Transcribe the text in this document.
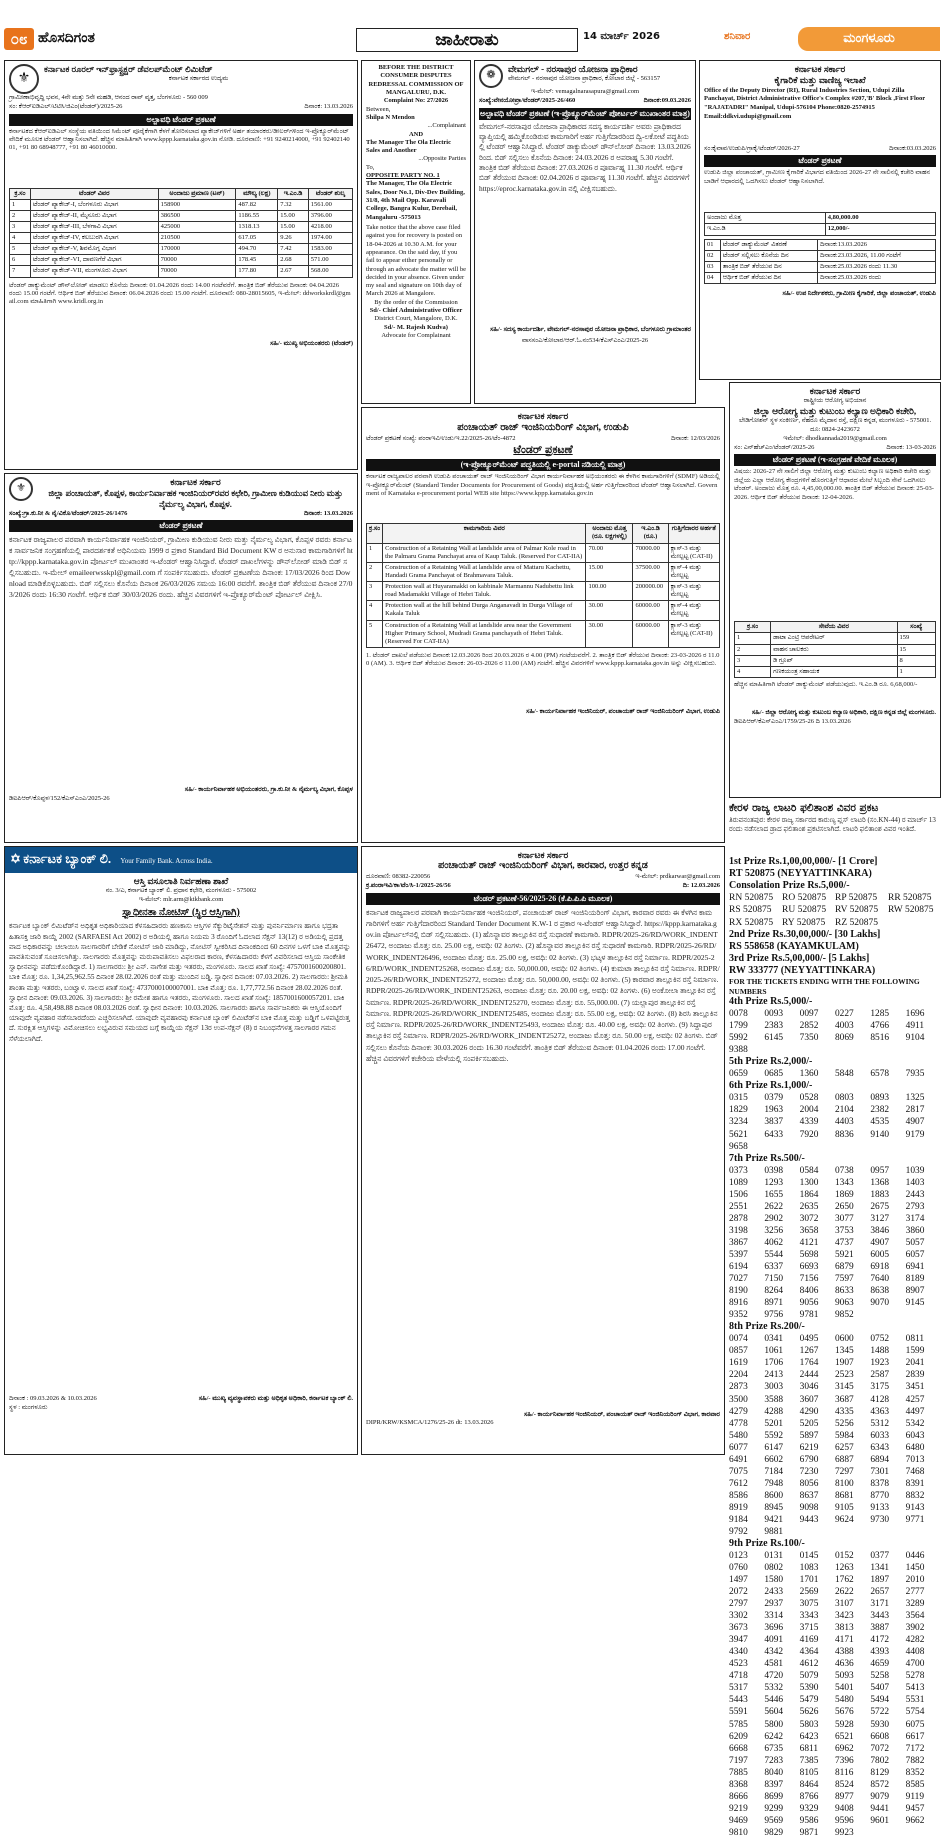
೦೮ ಹೊಸದಿಗಂತ	ಜಾಹೀರಾತು	14 ಮಾರ್ಚ್ 2026	ಶನಿವಾರ	ಮಂಗಳೂರು
⚜
ಕರ್ನಾಟಕ ರೂರಲ್ ಇನ್‌ಫ್ರಾಸ್ಟ್ರಕ್ಚರ್ ಡೆವಲಪ್‌ಮೆಂಟ್ ಲಿಮಿಟೆಡ್
ಕರ್ನಾಟಕ ಸರ್ಕಾರದ ಉದ್ಯಮ
ಗ್ರಾಮೀಣಾಭಿವೃದ್ಧಿ ಭವನ, 4ನೇ ಮತ್ತು 5ನೇ ಮಹಡಿ, ಆನಂದ ರಾವ್ ವೃತ್ತ, ಬೆಂಗಳೂರು - 560 009
ಸಂ: ಕೆಆರ್‌ಐಡಿಎಲ್/ಟಿಟಿಸಿ/ಜಿಎಂ(ಟೆಂಡರ್)/2025-26	ದಿನಾಂಕ: 13.03.2026
ಅಲ್ಪಾವಧಿ ಟೆಂಡರ್ ಪ್ರಕಟಣೆ
ಕರ್ನಾಟಕದ ಕೆಆರ್‌ಐಡಿಎಲ್ ಸಂಸ್ಥೆಯ ವತಿಯಿಂದ ಸಿಮೆಂಟ್ ಪೂರೈಕೆಗಾಗಿ ಕೆಳಗೆ ತೋರಿಸಲಾದ ಪ್ಯಾಕೇಜ್‌ಗಳಿಗೆ ಅರ್ಹ ತಯಾರಕರು/ಡೀಲರ್‌ಗಳಿಂದ ಇ-ಪ್ರೊಕ್ಯೂರ್‌ಮೆಂಟ್ ವೇದಿಕೆ ಮೂಲಕ ಟೆಂಡರ್ ಆಹ್ವಾನಿಸಲಾಗಿದೆ. ಹೆಚ್ಚಿನ ಮಾಹಿತಿಗಾಗಿ www.kppp.karnataka.gov.in ನೋಡಿ. ದೂರವಾಣಿ: +91 9240214000, +91 9240214001, +91 80 68948777, +91 80 46010000.
ಕ್ರ.ಸಂ	ಟೆಂಡರ್ ವಿವರ	ಅಂದಾಜು ಪ್ರಮಾಣ (ಟನ್)	ಮೌಲ್ಯ (ಲಕ್ಷ)	ಇ.ಎಂ.ಡಿ	ಟೆಂಡರ್ ಶುಲ್ಕ
1	ಟೆಂಡರ್ ಪ್ಯಾಕೇಜ್-I, ಬೆಂಗಳೂರು ವಿಭಾಗ	158900	487.82	7.32	1561.00
2	ಟೆಂಡರ್ ಪ್ಯಾಕೇಜ್-II, ಮೈಸೂರು ವಿಭಾಗ	386500	1186.55	15.00	3796.00
3	ಟೆಂಡರ್ ಪ್ಯಾಕೇಜ್-III, ಬೆಳಗಾವಿ ವಿಭಾಗ	425000	1318.13	15.00	4218.00
4	ಟೆಂಡರ್ ಪ್ಯಾಕೇಜ್-IV, ಕಲಬುರಗಿ ವಿಭಾಗ	210500	617.05	9.26	1974.00
5	ಟೆಂಡರ್ ಪ್ಯಾಕೇಜ್-V, ಶಿವಮೊಗ್ಗ ವಿಭಾಗ	170000	494.70	7.42	1583.00
6	ಟೆಂಡರ್ ಪ್ಯಾಕೇಜ್-VI, ದಾವಣಗೆರೆ ವಿಭಾಗ	70000	178.45	2.68	571.00
7	ಟೆಂಡರ್ ಪ್ಯಾಕೇಜ್-VII, ಮಂಗಳೂರು ವಿಭಾಗ	70000	177.80	2.67	568.00
ಟೆಂಡರ್ ಡಾಕ್ಯುಮೆಂಟ್ ಡೌನ್‌ಲೋಡ್ ಮಾಡಲು ಕೊನೆಯ ದಿನಾಂಕ: 01.04.2026 ರಂದು 14.00 ಗಂಟೆವರೆಗೆ. ತಾಂತ್ರಿಕ ಬಿಡ್ ತೆರೆಯುವ ದಿನಾಂಕ: 04.04.2026 ರಂದು 15.00 ಗಂಟೆಗೆ. ಆರ್ಥಿಕ ಬಿಡ್ ತೆರೆಯುವ ದಿನಾಂಕ: 06.04.2026 ರಂದು 15.00 ಗಂಟೆಗೆ. ದೂರವಾಣಿ: 080-28015605, ಇ-ಮೇಲ್: ddworkskrdl@gmail.com ಮಾಹಿತಿಗಾಗಿ www.kridl.org.in
ಸಹಿ/- ಮುಖ್ಯ ಅಭಿಯಂತರರು (ಟೆಂಡರ್)
BEFORE THE DISTRICT CONSUMER DISPUTES REDRESSAL COMMISSION OF MANGALURU, D.K.
Complaint No: 27/2026
Between,
Shilpa N Mendon
...Complainant
AND
The Manager The Ola Electric Sales and Another
...Opposite Parties
To,
OPPOSITE PARTY NO. 1
The Manager, The Ola Electric Sales, Door No.1, Div-Dev Building, 31/8, 4th Mail Opp. Karavali College, Bangra Kulur, Derebail, Mangaluru -575013
Take notice that the above case filed against you for recovery is posted on 18-04-2026 at 10.30 A.M. for your appearance. On the said day, if you fail to appear either personally or through an advocate the matter will be decided in your absence. Given under my seal and signature on 10th day of March 2026 at Mangalore.
By the order of the Commission
Sd/- Chief Administrative Officer
District Court, Mangalore, D.K.
Sd/- M. Rajesh Kudva)
Advocate for Complainant
❁
ವೇಮಗಲ್ - ನರಸಾಪುರ ಯೋಜನಾ ಪ್ರಾಧಿಕಾರ
ವೇಮಗಲ್ - ನರಸಾಪುರ ಯೋಜನಾ ಪ್ರಾಧಿಕಾರ, ಕೋಲಾರ ಜಿಲ್ಲೆ - 563157
ಇ-ಮೇಲ್: vemagalnarasapura@gmail.com
ಸಂಖ್ಯೆ:ವೇನಯೋಪ್ರಾ/ಟೆಂಡರ್/2025-26/460	ದಿನಾಂಕ:09.03.2026
ಅಲ್ಪಾವಧಿ ಟೆಂಡರ್ ಪ್ರಕಟಣೆ (ಇ-ಪ್ರೊಕ್ಯೂರ್‌ಮೆಂಟ್ ಪೋರ್ಟಲ್ ಮುಖಾಂತರ ಮಾತ್ರ)
ವೇಮಗಲ್-ನರಸಾಪುರ ಯೋಜನಾ ಪ್ರಾಧಿಕಾರದ ಸದಸ್ಯ ಕಾರ್ಯದರ್ಶಿ ಅವರು ಪ್ರಾಧಿಕಾರದ ವ್ಯಾಪ್ತಿಯಲ್ಲಿ ಹಮ್ಮಿಕೊಂಡಿರುವ ಕಾಮಗಾರಿಗೆ ಅರ್ಹ ಗುತ್ತಿಗೆದಾರರಿಂದ ದ್ವಿ-ಲಕೋಟೆ ಪದ್ಧತಿಯಲ್ಲಿ ಟೆಂಡರ್ ಆಹ್ವಾನಿಸಿದ್ದಾರೆ. ಟೆಂಡರ್ ಡಾಕ್ಯುಮೆಂಟ್ ಡೌನ್‌ಲೋಡ್ ದಿನಾಂಕ: 13.03.2026 ರಿಂದ. ಬಿಡ್ ಸಲ್ಲಿಸಲು ಕೊನೆಯ ದಿನಾಂಕ: 24.03.2026 ರ ಅಪರಾಹ್ನ 5.30 ಗಂಟೆಗೆ. ತಾಂತ್ರಿಕ ಬಿಡ್ ತೆರೆಯುವ ದಿನಾಂಕ: 27.03.2026 ರ ಪೂರ್ವಾಹ್ನ 11.30 ಗಂಟೆಗೆ. ಆರ್ಥಿಕ ಬಿಡ್ ತೆರೆಯುವ ದಿನಾಂಕ: 02.04.2026 ರ ಪೂರ್ವಾಹ್ನ 11.30 ಗಂಟೆಗೆ. ಹೆಚ್ಚಿನ ವಿವರಗಳಿಗೆ https://eproc.karnataka.gov.in ನಲ್ಲಿ ವೀಕ್ಷಿಸಬಹುದು.
ಸಹಿ/- ಸದಸ್ಯ ಕಾರ್ಯದರ್ಶಿ, ವೇಮಗಲ್-ನರಸಾಪುರ ಯೋಜನಾ ಪ್ರಾಧಿಕಾರ, ಬೆಂಗಳೂರು ಗ್ರಾಮಾಂತರ
ವಾಸಸಂಎ/ಕೋಲಾರ/ಆರ್.ಓ.ನಂ534/ಕೆಎಸ್ಎಂಎ/2025-26
ಕರ್ನಾಟಕ ಸರ್ಕಾರ
ಕೈಗಾರಿಕೆ ಮತ್ತು ವಾಣಿಜ್ಯ ಇಲಾಖೆ
Office of the Deputy Director (RI), Rural Industries Section, Udupi Zilla Panchayat, District Administrative Office's Complex #207,'B' Block ,First Floor "RAJATADRI" Manipal, Udupi-576104 Phone:0820-2574915 Email:ddkvi.udupi@gmail.com
ಸಂ:ಕೈವಾವ/ಉಡುಪಿ/ಗ್ರಾಕೈ/ಟೆಂಡರ್/2026-27	ದಿನಾಂಕ:03.03.2026
ಟೆಂಡರ್ ಪ್ರಕಟಣೆ
ಉಡುಪಿ ಜಿಲ್ಲಾ ಪಂಚಾಯತ್, ಗ್ರಾಮೀಣ ಕೈಗಾರಿಕೆ ವಿಭಾಗದ ವತಿಯಿಂದ 2026-27 ನೇ ಸಾಲಿನಲ್ಲಿ ಕಚೇರಿ ವಾಹನ ಬಾಡಿಗೆ ಆಧಾರದಲ್ಲಿ ಒದಗಿಸಲು ಟೆಂಡರ್ ಆಹ್ವಾನಿಸಲಾಗಿದೆ.
ಅಂದಾಜು ಮೊತ್ತ	4,80,000.00
ಇ.ಎಂ.ಡಿ	12,000/-
01	ಟೆಂಡರ್ ಡಾಕ್ಯುಮೆಂಟ್ ವಿತರಣೆ	ದಿನಾಂಕ:13.03.2026
02	ಟೆಂಡರ್ ಸಲ್ಲಿಸಲು ಕೊನೆಯ ದಿನ	ದಿನಾಂಕ:23.03.2026, 11.00 ಗಂಟೆಗೆ
03	ತಾಂತ್ರಿಕ ಬಿಡ್ ತೆರೆಯುವ ದಿನ	ದಿನಾಂಕ:25.03.2026 ರಂದು 11.30
04	ಆರ್ಥಿಕ ಬಿಡ್ ತೆರೆಯುವ ದಿನ	ದಿನಾಂಕ:25.03.2026 ರಂದು
ಸಹಿ/- ಉಪ ನಿರ್ದೇಶಕರು, ಗ್ರಾಮೀಣ ಕೈಗಾರಿಕೆ, ಜಿಲ್ಲಾ ಪಂಚಾಯತ್, ಉಡುಪಿ
ಕರ್ನಾಟಕ ಸರ್ಕಾರ
ರಾಷ್ಟ್ರೀಯ ಆರೋಗ್ಯ ಅಭಿಯಾನ
ಜಿಲ್ಲಾ ಆರೋಗ್ಯ ಮತ್ತು ಕುಟುಂಬ ಕಲ್ಯಾಣ ಅಧಿಕಾರಿ ಕಚೇರಿ,
ಲೇಡಿಗೋಶನ್ ಸ್ಥಳ ಸಂಕೀರ್ಣ, ನೆಹರೂ ಮೈದಾನ ರಸ್ತೆ, ದಕ್ಷಿಣ ಕನ್ನಡ, ಮಂಗಳೂರು - 575001. ದೂ: 0824-2423672
ಇಮೇಲ್: dhodkannada2019@gmail.com
ಸಂ: ಎನ್‌ಹೆಚ್ಎಂ/ಟೆಂಡರ್/2025-26	ದಿನಾಂಕ: 13-03-2026
ಟೆಂಡರ್ ಪ್ರಕಟಣೆ (ಇ-ಸಂಗ್ರಹಣೆ ವೇದಿಕೆ ಮೂಲಕ)
ವಿಷಯ: 2026-27 ನೇ ಸಾಲಿಗೆ ಜಿಲ್ಲಾ ಆರೋಗ್ಯ ಮತ್ತು ಕುಟುಂಬ ಕಲ್ಯಾಣ ಅಧಿಕಾರಿ ಕಚೇರಿ ಮತ್ತು ಜಿಲ್ಲೆಯ ಎಲ್ಲಾ ಆರೋಗ್ಯ ಕೇಂದ್ರಗಳಿಗೆ ಹೊರಗುತ್ತಿಗೆ ಆಧಾರದ ಮೇಲೆ ಸಿಬ್ಬಂದಿ ಸೇವೆ ಒದಗಿಸಲು ಟೆಂಡರ್. ಅಂದಾಜು ಮೊತ್ತ ರೂ. 4,45,00,000.00. ತಾಂತ್ರಿಕ ಬಿಡ್ ತೆರೆಯುವ ದಿನಾಂಕ: 25-03-2026. ಆರ್ಥಿಕ ಬಿಡ್ ತೆರೆಯುವ ದಿನಾಂಕ: 12-04-2026.
ಕ್ರ.ಸಂ	ಸೇವೆಯ ವಿವರ	ಸಂಖ್ಯೆ
1	ಡಾಟಾ ಎಂಟ್ರಿ ಆಪರೇಟರ್	159
2	ವಾಹನ ಚಾಲಕರು	15
3	ಡಿ ಗ್ರೂಪ್	8
4	ಗಣಕಯಂತ್ರ ಸಹಾಯಕ	1
ಹೆಚ್ಚಿನ ಮಾಹಿತಿಗಾಗಿ ಟೆಂಡರ್ ಡಾಕ್ಯುಮೆಂಟ್ ಪಡೆಯುವುದು. ಇ.ಎಂ.ಡಿ ರೂ. 6,68,000/-
ಸಹಿ/- ಜಿಲ್ಲಾ ಆರೋಗ್ಯ ಮತ್ತು ಕುಟುಂಬ ಕಲ್ಯಾಣ ಅಧಿಕಾರಿ, ದಕ್ಷಿಣ ಕನ್ನಡ ಜಿಲ್ಲೆ ಮಂಗಳೂರು.
ಡಿಐಪಿಆರ್/ಕೆಎಸ್ಎಂಎ/1759/25-26 ದಿ 13.03.2026
⚜
ಕರ್ನಾಟಕ ಸರ್ಕಾರ
ಜಿಲ್ಲಾ ಪಂಚಾಯತ್, ಕೊಪ್ಪಳ, ಕಾರ್ಯನಿರ್ವಾಹಕ ಇಂಜಿನಿಯರ್‌ರವರ ಕಛೇರಿ, ಗ್ರಾಮೀಣ ಕುಡಿಯುವ ನೀರು ಮತ್ತು ನೈರ್ಮಲ್ಯ ವಿಭಾಗ, ಕೊಪ್ಪಳ.
ಸಂಖ್ಯೆ:ಗ್ರಾ.ಕು.ನೀ & ನೈ/ವಿಕೊ/ಟೆಂಡರ್/2025-26/1476	ದಿನಾಂಕ: 13.03.2026
ಟೆಂಡರ್ ಪ್ರಕಟಣೆ
ಕರ್ನಾಟಕ ರಾಜ್ಯಪಾಲರ ಪರವಾಗಿ ಕಾರ್ಯನಿರ್ವಾಹಕ ಇಂಜಿನಿಯರ್, ಗ್ರಾಮೀಣ ಕುಡಿಯುವ ನೀರು ಮತ್ತು ನೈರ್ಮಲ್ಯ ವಿಭಾಗ, ಕೊಪ್ಪಳ ರವರು ಕರ್ನಾಟಕ ಸಾರ್ವಜನಿಕ ಸಂಗ್ರಹಣೆಯಲ್ಲಿ ಪಾರದರ್ಶಕತೆ ಅಧಿನಿಯಮ 1999 ರ ಪ್ರಕಾರ Standard Bid Document KW ರ ಅನುಸಾರ ಕಾಮಗಾರಿಗಳಿಗೆ http://kppp.karnataka.gov.in ಪೋರ್ಟಲ್ ಮುಖಾಂತರ ಇ-ಟೆಂಡರ್ ಆಹ್ವಾನಿಸಿದ್ದಾರೆ. ಟೆಂಡರ್ ದಾಖಲೆಗಳನ್ನು ಡೌನ್‌ಲೋಡ್ ಮಾಡಿ ಬಿಡ್ ಸಲ್ಲಿಸಬಹುದು. ಇ-ಮೇಲ್ emaileerwsskpl@gmail.com ಗೆ ಸಂಪರ್ಕಿಸಬಹುದು. ಟೆಂಡರ್ ಪ್ರಕಟಣೆಯ ದಿನಾಂಕ: 17/03/2026 ರಿಂದ Download ಮಾಡಿಕೊಳ್ಳಬಹುದು. ಬಿಡ್ ಸಲ್ಲಿಸಲು ಕೊನೆಯ ದಿನಾಂಕ 26/03/2026 ಸಮಯ 16:00 ರವರೆಗೆ. ತಾಂತ್ರಿಕ ಬಿಡ್ ತೆರೆಯುವ ದಿನಾಂಕ 27/03/2026 ರಂದು 16:30 ಗಂಟೆಗೆ. ಆರ್ಥಿಕ ಬಿಡ್ 30/03/2026 ರಂದು. ಹೆಚ್ಚಿನ ವಿವರಗಳಿಗೆ ಇ-ಪ್ರೊಕ್ಯೂರ್‌ಮೆಂಟ್ ಪೋರ್ಟಲ್ ವೀಕ್ಷಿಸಿ.
ಸಹಿ/- ಕಾರ್ಯನಿರ್ವಾಹಕ ಅಭಿಯಂತರರು, ಗ್ರಾ.ಕು.ನೀ & ನೈರ್ಮಲ್ಯ ವಿಭಾಗ, ಕೊಪ್ಪಳ
ಡಿಐಪಿಆರ್/ಕೊಪ್ಪಳ/152/ಕೆಎಸ್ಎಂಎ/2025-26
ಕರ್ನಾಟಕ ಸರ್ಕಾರ
ಪಂಚಾಯತ್ ರಾಜ್ ಇಂಜಿನಿಯರಿಂಗ್ ವಿಭಾಗ, ಉಡುಪಿ
ಟೆಂಡರ್ ಪ್ರಕಟಣೆ ಸಂಖ್ಯೆ: ಪಂರಾಇವಿ/ಉಡು/ಇ.22/2025-26/ಟೆಂ-4872	ದಿನಾಂಕ: 12/03/2026
ಟೆಂಡರ್ ಪ್ರಕಟಣೆ
(ಇ-ಪ್ರೋಕ್ಯೂರ್‌ಮೆಂಟ್ ಪದ್ಧತಿಯಲ್ಲಿ e-portal ನಡಿಯಲ್ಲಿ ಮಾತ್ರ)
ಕರ್ನಾಟಕ ರಾಜ್ಯಪಾಲರ ಪರವಾಗಿ ಉಡುಪಿ ಪಂಚಾಯತ್ ರಾಜ್ ಇಂಜಿನಿಯರಿಂಗ್ ವಿಭಾಗ ಕಾರ್ಯನಿರ್ವಾಹಕ ಅಭಿಯಂತರರು ಈ ಕೆಳಗಿನ ಕಾಮಗಾರಿಗಳಿಗೆ (SDMF) ಅಡಿಯಲ್ಲಿ ಇ-ಪ್ರೋಕ್ಯೂರ್‌ಮೆಂಟ್ (Standard Tender Documents for Procurement of Goods) ಪದ್ಧತಿಯಲ್ಲಿ ಅರ್ಹ ಗುತ್ತಿಗೆದಾರರಿಂದ ಟೆಂಡರ್ ಆಹ್ವಾನಿಸಲಾಗಿದೆ. Government of Karnataka e-procurement portal WEB site https://www.kppp.karnataka.gov.in
ಕ್ರ.ಸಂ	ಕಾಮಗಾರಿಯ ವಿವರ	ಅಂದಾಜು ಮೊತ್ತ (ರೂ. ಲಕ್ಷಗಳಲ್ಲಿ)	ಇ.ಎಂ.ಡಿ (ರೂ.)	ಗುತ್ತಿಗೆದಾರರ ಅರ್ಹತೆ
1	Construction of a Retaining Wall at landslide area of Palmar Kole road in the Palmaru Grama Panchayat area of Kaup Taluk. (Reserved For CAT-IIA)	70.00	70000.00	ಕ್ಲಾಸ್-3 ಮತ್ತು ಮೇಲ್ಪಟ್ಟ (CAT-II)
2	Construction of a Retaining Wall at landslide area of Mattaru Kachettu, Handadi Grama Panchayat of Brahmavara Taluk.	15.00	37500.00	ಕ್ಲಾಸ್-4 ಮತ್ತು ಮೇಲ್ಪಟ್ಟ
3	Protection wall at Huyaramakki on kabbinale Marmannu Nadubettu link road Madamakki Village of Hebri Taluk.	100.00	200000.00	ಕ್ಲಾಸ್-3 ಮತ್ತು ಮೇಲ್ಪಟ್ಟ
4	Protection wall at the hill behind Durga Anganavadi in Durga Village of Kakala Taluk	30.00	60000.00	ಕ್ಲಾಸ್-4 ಮತ್ತು ಮೇಲ್ಪಟ್ಟ
5	Construction of a Retaining Wall at landslide area near the Government Higher Primary School, Mudradi Grama panchayath of Hebri Taluk. (Reserved For CAT-IIA)	30.00	60000.00	ಕ್ಲಾಸ್-3 ಮತ್ತು ಮೇಲ್ಪಟ್ಟ (CAT-II)
1. ಟೆಂಡರ್ ದಾಖಲೆ ಪಡೆಯುವ ದಿನಾಂಕ:12.03.2026 ರಿಂದ 20.03.2026 ರ 4.00 (PM) ಗಂಟೆಯವರೆಗೆ. 2. ತಾಂತ್ರಿಕ ಬಿಡ್ ತೆರೆಯುವ ದಿನಾಂಕ: 23-03-2026 ರ 11.00 (AM). 3. ಆರ್ಥಿಕ ಬಿಡ್ ತೆರೆಯುವ ದಿನಾಂಕ: 26-03-2026 ರ 11.00 (AM) ಗಂಟೆಗೆ. ಹೆಚ್ಚಿನ ವಿವರಗಳಿಗೆ www.kppp.karnataka.gov.in ಅನ್ನು ವೀಕ್ಷಿಸಬಹುದು.
ಸಹಿ/- ಕಾರ್ಯನಿರ್ವಾಹಕ ಇಂಜಿನಿಯರ್, ಪಂಚಾಯತ್ ರಾಜ್ ಇಂಜಿನಿಯರಿಂಗ್ ವಿಭಾಗ, ಉಡುಪಿ
✡ ಕರ್ನಾಟಕ ಬ್ಯಾಂಕ್ ಲಿ. Your Family Bank. Across India.
ಆಸ್ತಿ ವಸೂಲಾತಿ ನಿರ್ವಹಣಾ ಶಾಖೆ
ನಂ. 3/ಎ, ಕರ್ನಾಟಕ ಬ್ಯಾಂಕ್ ಲಿ. ಪ್ರಧಾನ ಕಛೇರಿ, ಮಂಗಳೂರು - 575002
ಇ-ಮೇಲ್: mlr.arm@ktkbank.com
ಸ್ವಾಧೀನತಾ ನೋಟಿಸ್ (ಸ್ಥಿರ ಆಸ್ತಿಗಾಗಿ)
ಕರ್ನಾಟಕ ಬ್ಯಾಂಕ್ ಲಿಮಿಟೆಡ್‌ನ ಅಧಿಕೃತ ಅಧಿಕಾರಿಯಾದ ಕೆಳಸಹಿದಾರರು ಹಣಕಾಸು ಆಸ್ತಿಗಳ ಸೆಕ್ಯುರಿಟೈಸೇಶನ್ ಮತ್ತು ಪುನರ್ನಿರ್ಮಾಣ ಹಾಗೂ ಭದ್ರತಾ ಹಿತಾಸಕ್ತಿ ಜಾರಿ ಕಾಯ್ದೆ 2002 (SARFAESI Act 2002) ರ ಅಡಿಯಲ್ಲಿ ಹಾಗೂ ನಿಯಮ 3 ರೊಂದಿಗೆ ಓದಲಾದ ಸೆಕ್ಷನ್ 13(12) ರ ಅಡಿಯಲ್ಲಿ ಪ್ರದತ್ತವಾದ ಅಧಿಕಾರವನ್ನು ಚಲಾಯಿಸಿ ಸಾಲಗಾರರಿಗೆ ಬೇಡಿಕೆ ನೋಟಿಸ್ ಜಾರಿ ಮಾಡಿದ್ದು, ನೋಟಿಸ್ ಸ್ವೀಕರಿಸಿದ ದಿನಾಂಕದಿಂದ 60 ದಿನಗಳ ಒಳಗೆ ಬಾಕಿ ಮೊತ್ತವನ್ನು ಪಾವತಿಸುವಂತೆ ಸೂಚಿಸಲಾಗಿತ್ತು. ಸಾಲಗಾರರು ಮೊತ್ತವನ್ನು ಮರುಪಾವತಿಸಲು ವಿಫಲರಾದ ಕಾರಣ, ಕೆಳಸಹಿದಾರರು ಕೆಳಗೆ ವಿವರಿಸಲಾದ ಆಸ್ತಿಯ ಸಾಂಕೇತಿಕ ಸ್ವಾಧೀನವನ್ನು ಪಡೆದುಕೊಂಡಿದ್ದಾರೆ. 1) ಸಾಲಗಾರರು: ಶ್ರೀ ಎನ್. ನಾಗೇಶ ಮತ್ತು ಇತರರು, ಮಂಗಳೂರು. ಸಾಲದ ಖಾತೆ ಸಂಖ್ಯೆ: 4757001600200801. ಬಾಕಿ ಮೊತ್ತ: ರೂ. 1,34,25,962.55 ದಿನಾಂಕ 28.02.2026 ರಂತೆ ಮತ್ತು ಮುಂದಿನ ಬಡ್ಡಿ. ಸ್ವಾಧೀನ ದಿನಾಂಕ: 07.03.2026. 2) ಸಾಲಗಾರರು: ಶ್ರೀಮತಿ ಶಾಂತಾ ಮತ್ತು ಇತರರು, ಬಂಟ್ವಾಳ. ಸಾಲದ ಖಾತೆ ಸಂಖ್ಯೆ: 4737000100007001. ಬಾಕಿ ಮೊತ್ತ: ರೂ. 1,77,772.56 ದಿನಾಂಕ 28.02.2026 ರಂತೆ. ಸ್ವಾಧೀನ ದಿನಾಂಕ: 09.03.2026. 3) ಸಾಲಗಾರರು: ಶ್ರೀ ರಮೇಶ ಹಾಗೂ ಇತರರು, ಮಂಗಳೂರು. ಸಾಲದ ಖಾತೆ ಸಂಖ್ಯೆ: 1857001600057201. ಬಾಕಿ ಮೊತ್ತ: ರೂ. 4,58,498.88 ದಿನಾಂಕ 08.03.2026 ರಂತೆ. ಸ್ವಾಧೀನ ದಿನಾಂಕ: 10.03.2026. ಸಾಲಗಾರರು ಹಾಗೂ ಸಾರ್ವಜನಿಕರು ಈ ಆಸ್ತಿಯೊಂದಿಗೆ ಯಾವುದೇ ವ್ಯವಹಾರ ನಡೆಸಬಾರದೆಂದು ಎಚ್ಚರಿಸಲಾಗಿದೆ. ಯಾವುದೇ ವ್ಯವಹಾರವು ಕರ್ನಾಟಕ ಬ್ಯಾಂಕ್ ಲಿಮಿಟೆಡ್‌ನ ಬಾಕಿ ಮೊತ್ತ ಮತ್ತು ಬಡ್ಡಿಗೆ ಒಳಪಟ್ಟಿರುತ್ತದೆ. ಸುರಕ್ಷಿತ ಆಸ್ತಿಗಳನ್ನು ವಿಮೋಚಿಸಲು ಲಭ್ಯವಿರುವ ಸಮಯದ ಬಗ್ಗೆ ಕಾಯ್ದೆಯ ಸೆಕ್ಷನ್ 13ರ ಉಪ-ಸೆಕ್ಷನ್ (8) ರ ನಿಬಂಧನೆಗಳತ್ತ ಸಾಲಗಾರರ ಗಮನ ಸೆಳೆಯಲಾಗಿದೆ.
ದಿನಾಂಕ : 09.03.2026 & 10.03.2026
ಸ್ಥಳ : ಮಂಗಳೂರು
ಸಹಿ/- ಮುಖ್ಯ ವ್ಯವಸ್ಥಾಪಕರು ಮತ್ತು ಅಧಿಕೃತ ಅಧಿಕಾರಿ, ಕರ್ನಾಟಕ ಬ್ಯಾಂಕ್ ಲಿ.
ಕರ್ನಾಟಕ ಸರ್ಕಾರ
ಪಂಚಾಯತ್ ರಾಜ್ ಇಂಜಿನಿಯರಿಂಗ್ ವಿಭಾಗ, ಕಾರವಾರ, ಉತ್ತರ ಕನ್ನಡ
ದೂರವಾಣಿ: 08382-220056	ಇ-ಮೇಲ್: prdkarwar@gmail.com
ಕ್ರ.ಪಂರಾಇವಿ/ಕಾ/ಟೆಂ/ಸಿ-1/2025-26/56	ದಿ: 12.03.2026
ಟೆಂಡರ್ ಪ್ರಕಟಣೆ-56/2025-26 (ಕೆ.ಪಿ.ಪಿ.ಪಿ ಮೂಲಕ)
ಕರ್ನಾಟಕ ರಾಜ್ಯಪಾಲರ ಪರವಾಗಿ ಕಾರ್ಯನಿರ್ವಾಹಕ ಇಂಜಿನಿಯರ್, ಪಂಚಾಯತ್ ರಾಜ್ ಇಂಜಿನಿಯರಿಂಗ್ ವಿಭಾಗ, ಕಾರವಾರ ರವರು ಈ ಕೆಳಗಿನ ಕಾಮಗಾರಿಗಳಿಗೆ ಅರ್ಹ ಗುತ್ತಿಗೆದಾರರಿಂದ Standard Tender Document K.W-1 ರ ಪ್ರಕಾರ ಇ-ಟೆಂಡರ್ ಆಹ್ವಾನಿಸಿದ್ದಾರೆ. https://kppp.karnataka.gov.in ಪೋರ್ಟಲ್‌ನಲ್ಲಿ ಬಿಡ್ ಸಲ್ಲಿಸಬಹುದು. (1) ಹೊನ್ನಾವರ ತಾಲ್ಲೂಕಿನ ರಸ್ತೆ ಸುಧಾರಣೆ ಕಾಮಗಾರಿ. RDPR/2025-26/RD/WORK_INDENT26472, ಅಂದಾಜು ಮೊತ್ತ: ರೂ. 25.00 ಲಕ್ಷ, ಅವಧಿ: 02 ತಿಂಗಳು. (2) ಹೊನ್ನಾವರ ತಾಲ್ಲೂಕಿನ ರಸ್ತೆ ಸುಧಾರಣೆ ಕಾಮಗಾರಿ. RDPR/2025-26/RD/WORK_INDENT26496, ಅಂದಾಜು ಮೊತ್ತ: ರೂ. 25.00 ಲಕ್ಷ, ಅವಧಿ: 02 ತಿಂಗಳು. (3) ಭಟ್ಕಳ ತಾಲ್ಲೂಕಿನ ರಸ್ತೆ ನಿರ್ಮಾಣ. RDPR/2025-26/RD/WORK_INDENT25268, ಅಂದಾಜು ಮೊತ್ತ: ರೂ. 50,000.00, ಅವಧಿ: 02 ತಿಂಗಳು. (4) ಕುಮಟಾ ತಾಲ್ಲೂಕಿನ ರಸ್ತೆ ನಿರ್ಮಾಣ. RDPR/2025-26/RD/WORK_INDENT25272, ಅಂದಾಜು ಮೊತ್ತ: ರೂ. 50,000.00, ಅವಧಿ: 02 ತಿಂಗಳು. (5) ಕಾರವಾರ ತಾಲ್ಲೂಕಿನ ರಸ್ತೆ ನಿರ್ಮಾಣ. RDPR/2025-26/RD/WORK_INDENT25263, ಅಂದಾಜು ಮೊತ್ತ: ರೂ. 20.00 ಲಕ್ಷ, ಅವಧಿ: 02 ತಿಂಗಳು. (6) ಅಂಕೋಲಾ ತಾಲ್ಲೂಕಿನ ರಸ್ತೆ ನಿರ್ಮಾಣ. RDPR/2025-26/RD/WORK_INDENT25270, ಅಂದಾಜು ಮೊತ್ತ: ರೂ. 55,000.00. (7) ಯಲ್ಲಾಪುರ ತಾಲ್ಲೂಕಿನ ರಸ್ತೆ ನಿರ್ಮಾಣ. RDPR/2025-26/RD/WORK_INDENT25485, ಅಂದಾಜು ಮೊತ್ತ: ರೂ. 55.00 ಲಕ್ಷ, ಅವಧಿ: 02 ತಿಂಗಳು. (8) ಶಿರಸಿ ತಾಲ್ಲೂಕಿನ ರಸ್ತೆ ನಿರ್ಮಾಣ. RDPR/2025-26/RD/WORK_INDENT25493, ಅಂದಾಜು ಮೊತ್ತ: ರೂ. 40.00 ಲಕ್ಷ, ಅವಧಿ: 02 ತಿಂಗಳು. (9) ಸಿದ್ದಾಪುರ ತಾಲ್ಲೂಕಿನ ರಸ್ತೆ ನಿರ್ಮಾಣ. RDPR/2025-26/RD/WORK_INDENT25272, ಅಂದಾಜು ಮೊತ್ತ: ರೂ. 50.00 ಲಕ್ಷ, ಅವಧಿ: 02 ತಿಂಗಳು. ಬಿಡ್ ಸಲ್ಲಿಸಲು ಕೊನೆಯ ದಿನಾಂಕ: 30.03.2026 ರಂದು 16.30 ಗಂಟೆವರೆಗೆ. ತಾಂತ್ರಿಕ ಬಿಡ್ ತೆರೆಯುವ ದಿನಾಂಕ: 01.04.2026 ರಂದು 17.00 ಗಂಟೆಗೆ. ಹೆಚ್ಚಿನ ವಿವರಗಳಿಗೆ ಕಚೇರಿಯ ವೇಳೆಯಲ್ಲಿ ಸಂಪರ್ಕಿಸಬಹುದು.
ಸಹಿ/- ಕಾರ್ಯನಿರ್ವಾಹಕ ಇಂಜಿನಿಯರ್, ಪಂಚಾಯತ್ ರಾಜ್ ಇಂಜಿನಿಯರಿಂಗ್ ವಿಭಾಗ, ಕಾರವಾರ
DIPR/KRW/KSMCA/1276/25-26 dt: 13.03.2026
ಕೇರಳ ರಾಜ್ಯ ಲಾಟರಿ ಫಲಿತಾಂಶ ವಿವರ ಪ್ರಕಟ
ತಿರುವನಂತಪುರ: ಕೇರಳ ರಾಜ್ಯ ಸರ್ಕಾರದ ಕಾರುಣ್ಯ ಪ್ಲಸ್ ಲಾಟರಿ (ಸಂ.KN-44) ರ ಮಾರ್ಚ್ 13ರಂದು ನಡೆಸಲಾದ ಡ್ರಾದ ಫಲಿತಾಂಶ ಪ್ರಕಟಿಸಲಾಗಿದೆ. ಲಾಟರಿ ಫಲಿತಾಂಶ ವಿವರ ಇಂತಿದೆ.
1st Prize Rs.1,00,00,000/- [1 Crore]
RT 520875 (NEYYATTINKARA)
Consolation Prize Rs.5,000/-
RN 520875 RO 520875 RP 520875	RR 520875
RS 520875	RU 520875 RV 520875	RW 520875
RX 520875 RY 520875	RZ 520875
2nd Prize Rs.30,00,000/- [30 Lakhs]
RS 558658 (KAYAMKULAM)
3rd Prize Rs.5,00,000/- [5 Lakhs]
RW 333777 (NEYYATTINKARA)
FOR THE TICKETS ENDING WITH THE FOLLOWING NUMBERS
4th Prize Rs.5,000/-
0078	0093	0097	0227	1285	1696
1799	2383	2852	4003	4766	4911
5992	6145	7350	8069	8516	9104
9388
5th Prize Rs.2,000/-
0659	0685	1360	5848	6578	7935
6th Prize Rs.1,000/-
0315	0379	0528	0803	0893	1325
1829	1963	2004	2104	2382	2817
3234	3837	4339	4403	4535	4907
5621	6433	7920	8836	9140	9179
9658
7th Prize Rs.500/-
0373	0398	0584	0738	0957	1039
1089	1293	1300	1343	1368	1403
1506	1655	1864	1869	1883	2443
2551	2622	2635	2650	2675	2793
2878	2902	3072	3077	3127	3174
3198	3256	3658	3753	3846	3860
3867	4062	4121	4737	4907	5057
5397	5544	5698	5921	6005	6057
6194	6337	6693	6879	6918	6941
7027	7150	7156	7597	7640	8189
8190	8264	8406	8633	8638	8907
8916	8971	9056	9063	9070	9145
9352	9756	9781	9852
8th Prize Rs.200/-
0074	0341	0495	0600	0752	0811
0857	1061	1267	1345	1488	1599
1619	1706	1764	1907	1923	2041
2204	2413	2444	2523	2587	2839
2873	3003	3046	3145	3175	3451
3500	3588	3607	3687	4128	4257
4279	4288	4290	4335	4363	4497
4778	5201	5205	5256	5312	5342
5480	5592	5897	5984	6033	6043
6077	6147	6219	6257	6343	6480
6491	6602	6790	6887	6894	7013
7075	7184	7230	7297	7301	7468
7612	7948	8056	8100	8378	8391
8586	8600	8637	8681	8770	8832
8919	8945	9098	9105	9133	9143
9184	9421	9443	9624	9730	9771
9792	9881
9th Prize Rs.100/-
0123	0131	0145	0152	0377	0446
0760	0802	1083	1263	1341	1450
1497	1580	1701	1762	1897	2010
2072	2433	2569	2622	2657	2777
2797	2937	3075	3107	3171	3289
3302	3314	3343	3423	3443	3564
3673	3696	3715	3813	3887	3902
3947	4091	4169	4171	4172	4282
4340	4342	4364	4388	4393	4408
4523	4581	4612	4636	4659	4700
4718	4720	5079	5093	5258	5278
5317	5332	5390	5401	5407	5413
5443	5446	5479	5480	5494	5531
5591	5604	5626	5676	5722	5754
5785	5800	5803	5928	5930	6075
6209	6242	6423	6521	6608	6617
6668	6735	6811	6962	7072	7172
7197	7283	7385	7396	7802	7882
7885	8040	8105	8116	8129	8352
8368	8397	8464	8524	8572	8585
8666	8699	8766	8977	9079	9119
9219	9299	9329	9408	9441	9457
9469	9569	9586	9596	9601	9662
9810	9829	9871	9923
